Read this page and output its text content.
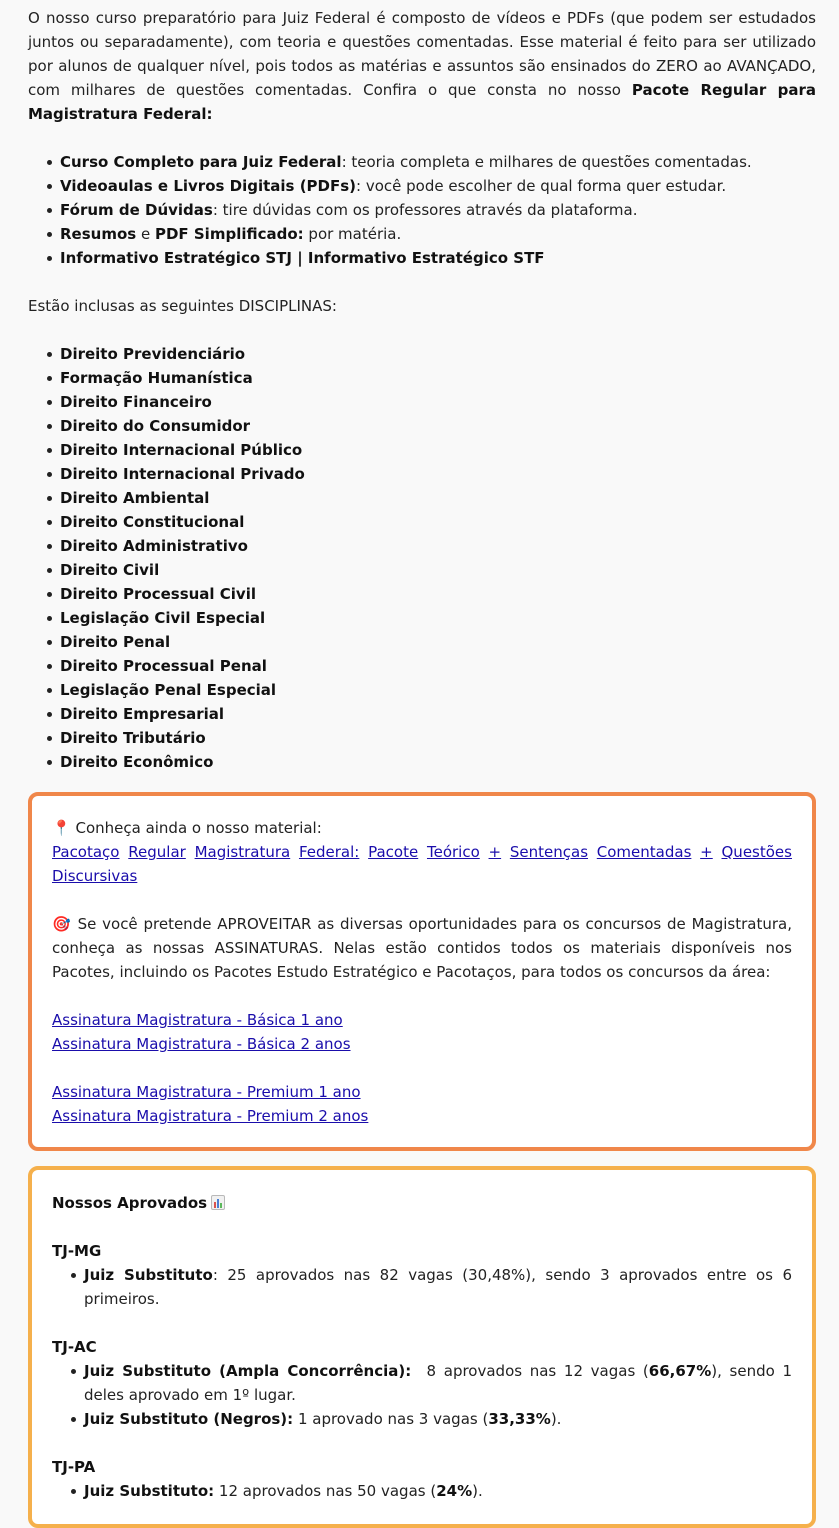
O nosso curso preparatório para Juiz Federal é composto de vídeos e PDFs (que podem ser estudados juntos ou separadamente), com teoria e questões comentadas. Esse material é feito para ser utilizado por alunos de qualquer nível, pois todos as matérias e assuntos são ensinados do ZERO ao AVANÇADO, com milhares de questões comentadas. Confira o que consta no nosso Pacote Regular para Magistratura Federal:

Curso Completo para Juiz Federal: teoria completa e milhares de questões comentadas.
Videoaulas e Livros Digitais (PDFs): você pode escolher de qual forma quer estudar.
Fórum de Dúvidas: tire dúvidas com os professores através da plataforma.
Resumos e PDF Simplificado: por matéria.
Informativo Estratégico STJ | Informativo Estratégico STF

Estão inclusas as seguintes DISCIPLINAS:

Direito Previdenciário
Formação Humanística
Direito Financeiro
Direito do Consumidor
Direito Internacional Público
Direito Internacional Privado
Direito Ambiental
Direito Constitucional
Direito Administrativo
Direito Civil
Direito Processual Civil
Legislação Civil Especial
Direito Penal
Direito Processual Penal
Legislação Penal Especial
Direito Empresarial
Direito Tributário
Direito Econômico

📍 Conheça ainda o nosso material:

Pacotaço Regular Magistratura Federal: Pacote Teórico + Sentenças Comentadas + Questões
Discursivas

🎯 Se você pretende APROVEITAR as diversas oportunidades para os concursos de Magistratura, conheça as nossas ASSINATURAS. Nelas estão contidos todos os materiais disponíveis nos Pacotes, incluindo os Pacotes Estudo Estratégico e Pacotaços, para todos os concursos da área:

Assinatura Magistratura - Básica 1 ano
Assinatura Magistratura - Básica 2 anos
Assinatura Magistratura - Premium 1 ano
Assinatura Magistratura - Premium 2 anos

Nossos Aprovados

TJ-MG

Juiz Substituto: 25 aprovados nas 82 vagas (30,48%), sendo 3 aprovados entre os 6 primeiros.

TJ-AC

Juiz Substituto (Ampla Concorrência):  8 aprovados nas 12 vagas (66,67%), sendo 1 deles aprovado em 1º lugar.
Juiz Substituto (Negros): 1 aprovado nas 3 vagas (33,33%).

TJ-PA

Juiz Substituto: 12 aprovados nas 50 vagas (24%).
